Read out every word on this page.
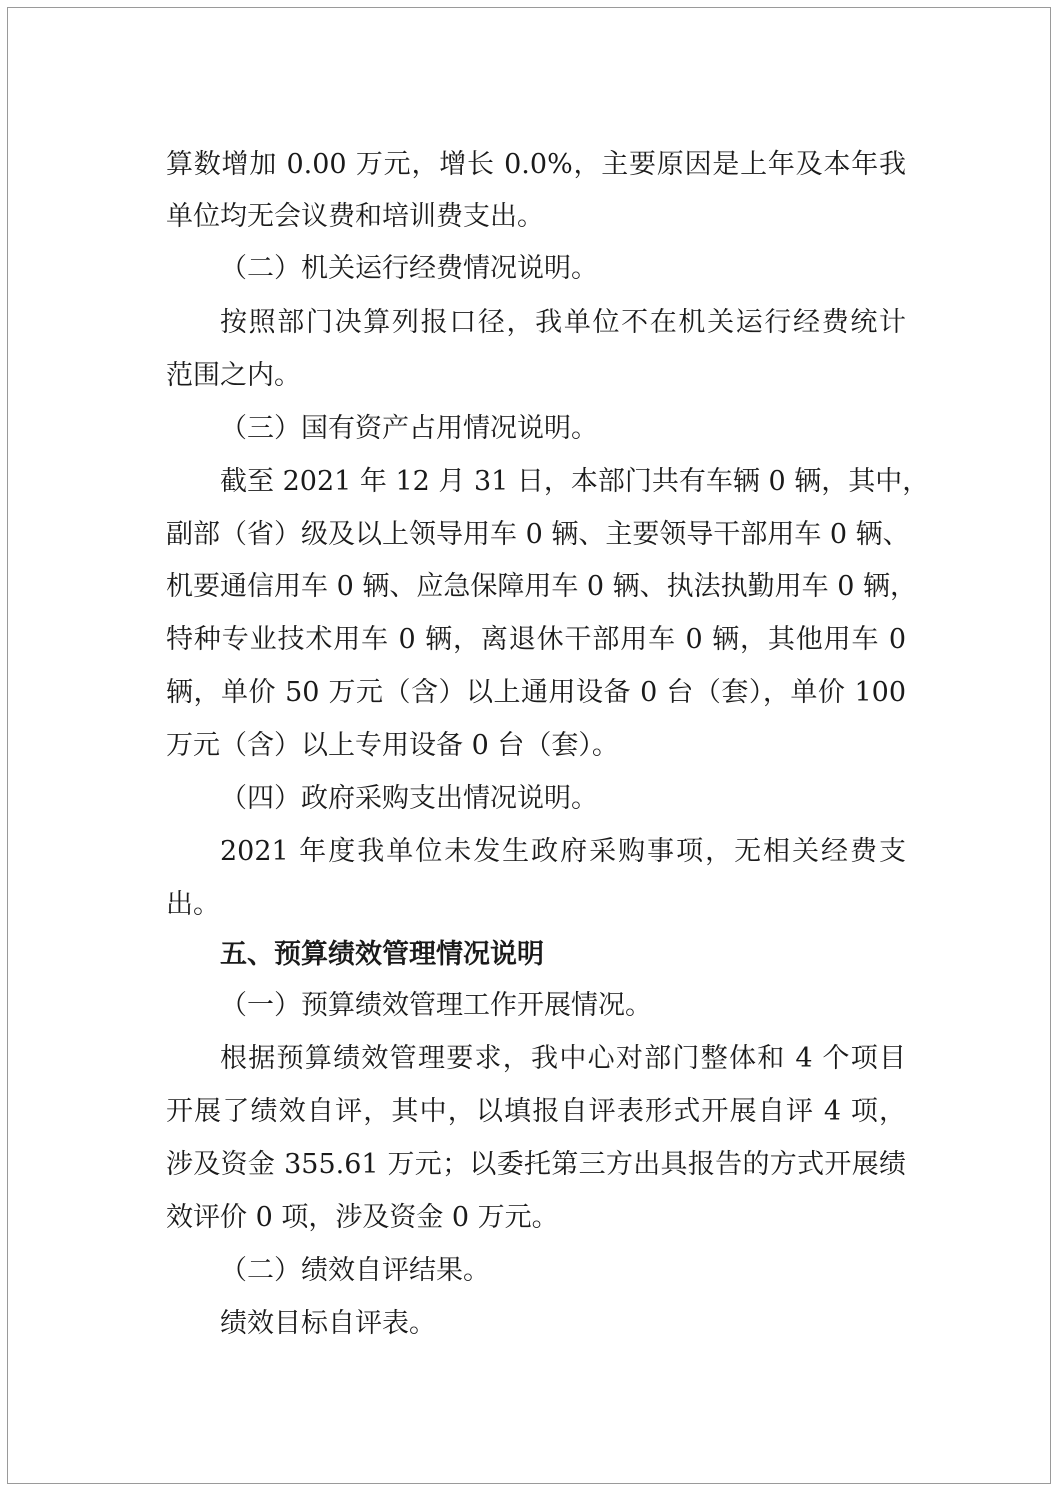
算数增加 0.00 万元，增长 0.0%，主要原因是上年及本年我

单位均无会议费和培训费支出。

（二）机关运行经费情况说明。

按照部门决算列报口径，我单位不在机关运行经费统计

范围之内。

（三）国有资产占用情况说明。

截至 2021 年 12 月 31 日，本部门共有车辆 0 辆，其中，

副部（省）级及以上领导用车 0 辆、主要领导干部用车 0 辆、

机要通信用车 0 辆、应急保障用车 0 辆、执法执勤用车 0 辆，

特种专业技术用车 0 辆，离退休干部用车 0 辆，其他用车 0

辆，单价 50 万元（含）以上通用设备 0 台（套），单价 100

万元（含）以上专用设备 0 台（套）。

（四）政府采购支出情况说明。

2021 年度我单位未发生政府采购事项，无相关经费支

出。

五、预算绩效管理情况说明

（一）预算绩效管理工作开展情况。

根据预算绩效管理要求，我中心对部门整体和 4 个项目

开展了绩效自评，其中，以填报自评表形式开展自评 4 项，

涉及资金 355.61 万元；以委托第三方出具报告的方式开展绩

效评价 0 项，涉及资金 0 万元。

（二）绩效自评结果。

绩效目标自评表。
